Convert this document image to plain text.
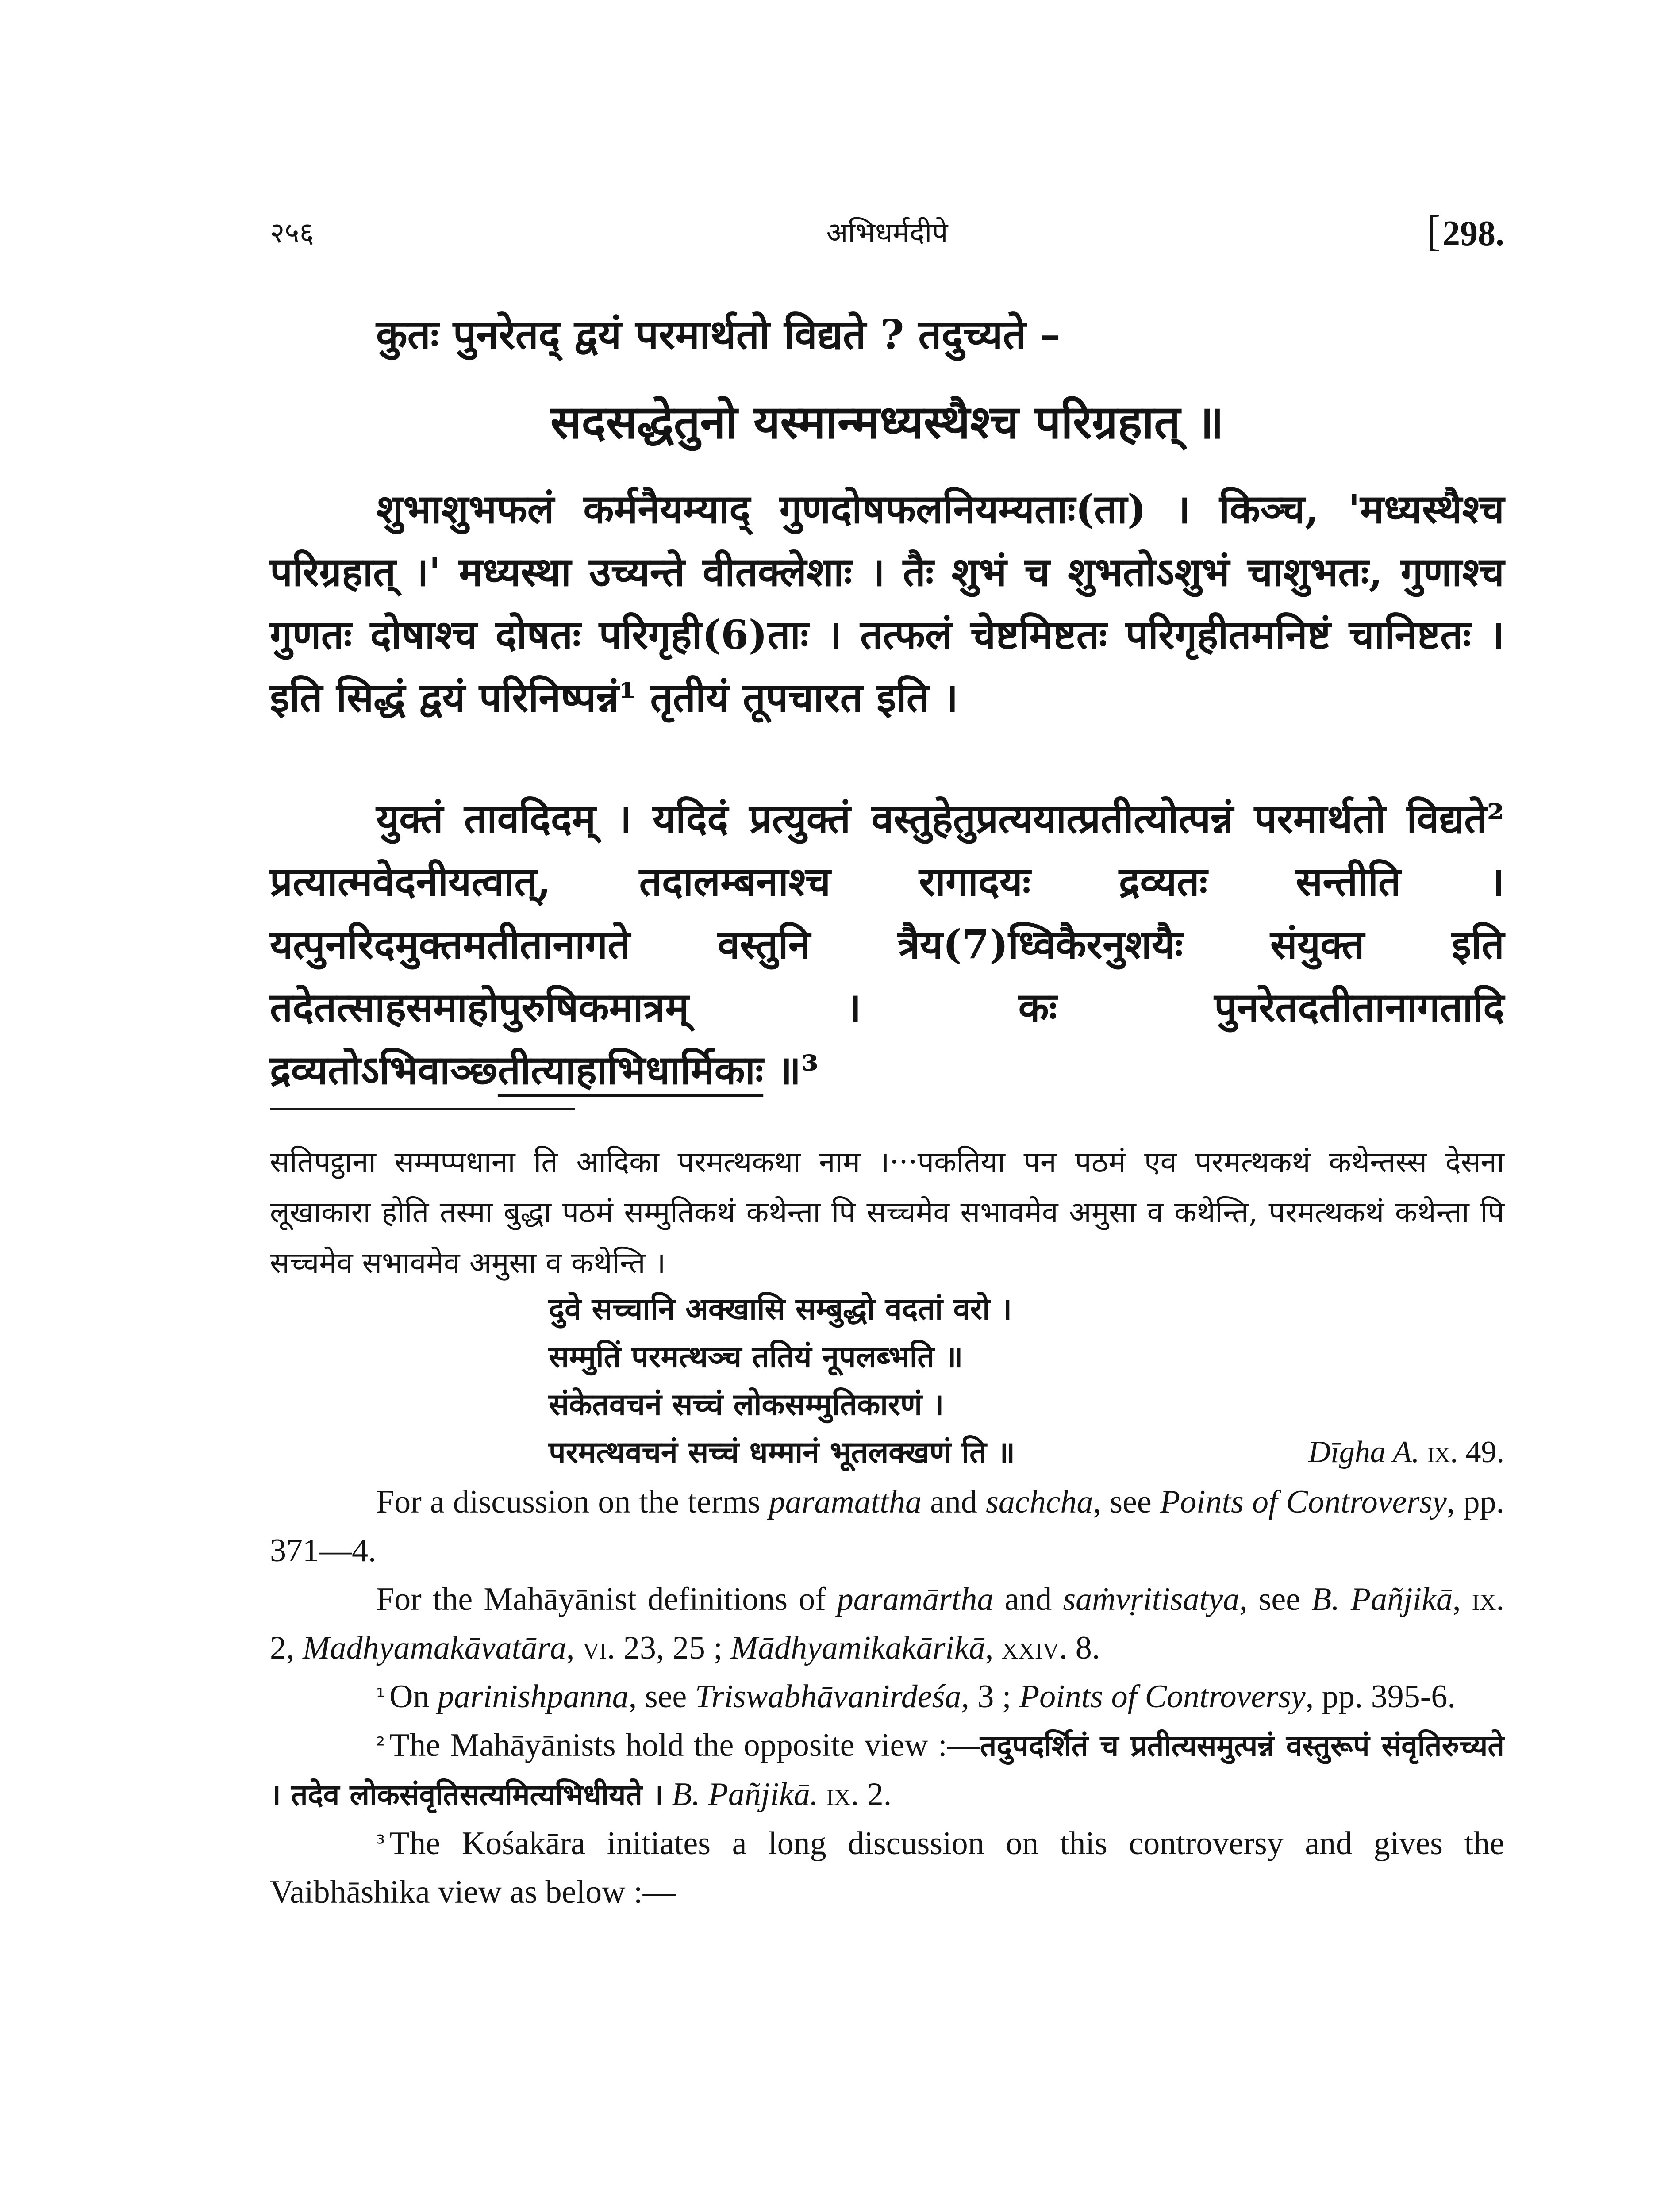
२५६	अभिधर्मदीपे	[298.
कुतः पुनरेतद् द्वयं परमार्थतो विद्यते ? तदुच्यते –
सदसद्धेतुनो यस्मान्मध्यस्थैश्च परिग्रहात् ॥
शुभाशुभफलं कर्मनैयम्याद् गुणदोषफलनियम्यताः(ता) । किञ्च, 'मध्यस्थैश्च परिग्रहात् ।' मध्यस्था उच्यन्ते वीतक्लेशाः । तैः शुभं च शुभतोऽशुभं चाशुभतः, गुणाश्च गुणतः दोषाश्च दोषतः परिगृही(6)ताः । तत्फलं चेष्टमिष्टतः परिगृहीतमनिष्टं चानिष्टतः । इति सिद्धं द्वयं परिनिष्पन्नं¹ तृतीयं तूपचारत इति ।
युक्तं तावदिदम् । यदिदं प्रत्युक्तं वस्तुहेतुप्रत्ययात्प्रतीत्योत्पन्नं परमार्थतो विद्यते² प्रत्यात्मवेदनीयत्वात्, तदालम्बनाश्च रागादयः द्रव्यतः सन्तीति । यत्पुनरिदमुक्तमतीतानागते वस्तुनि त्रैय(7)ध्विकैरनुशयैः संयुक्त इति तदेतत्साहसमाहोपुरुषिकमात्रम् । कः पुनरेतदतीतानागतादि द्रव्यतोऽभिवाञ्छ्तीत्याहाभिधार्मिकाः ॥³
सतिपट्ठाना सम्मप्पधाना ति आदिका परमत्थकथा नाम ।···पकतिया पन पठमं एव परमत्थकथं कथेन्तस्स देसना लूखाकारा होति तस्मा बुद्धा पठमं सम्मुतिकथं कथेन्ता पि सच्चमेव सभावमेव अमुसा व कथेन्ति, परमत्थकथं कथेन्ता पि सच्चमेव सभावमेव अमुसा व कथेन्ति ।
दुवे सच्चानि अक्खासि सम्बुद्धो वदतां वरो ।
सम्मुतिं परमत्थञ्च ततियं नूपलब्भति ॥
संकेतवचनं सच्चं लोकसम्मुतिकारणं ।
परमत्थवचनं सच्चं धम्मानं भूतलक्खणं ति ॥	Dīgha A. ix. 49.

For a discussion on the terms paramattha and sachcha, see Points of Controversy, pp. 371—4.

For the Mahāyānist definitions of paramārtha and saṁvṛitisatya, see B. Pañjikā, ix. 2, Madhyamakāvatāra, vi. 23, 25 ; Mādhyamikakārikā, xxiv. 8.

$^{^1}$ On parinishpanna, see Triswabhāvanirdeśa, 3 ; Points of Controversy, pp. 395-6.

$^{^2}$ The Mahāyānists hold the opposite view :—तदुपदर्शितं च प्रतीत्यसमुत्पन्नं वस्तुरूपं संवृतिरुच्यते । तदेव लोकसंवृतिसत्यमित्यभिधीयते । B. Pañjikā. ix. 2.

$^{^3}$ The Kośakāra initiates a long discussion on this controversy and gives the Vaibhāshika view as below :—
